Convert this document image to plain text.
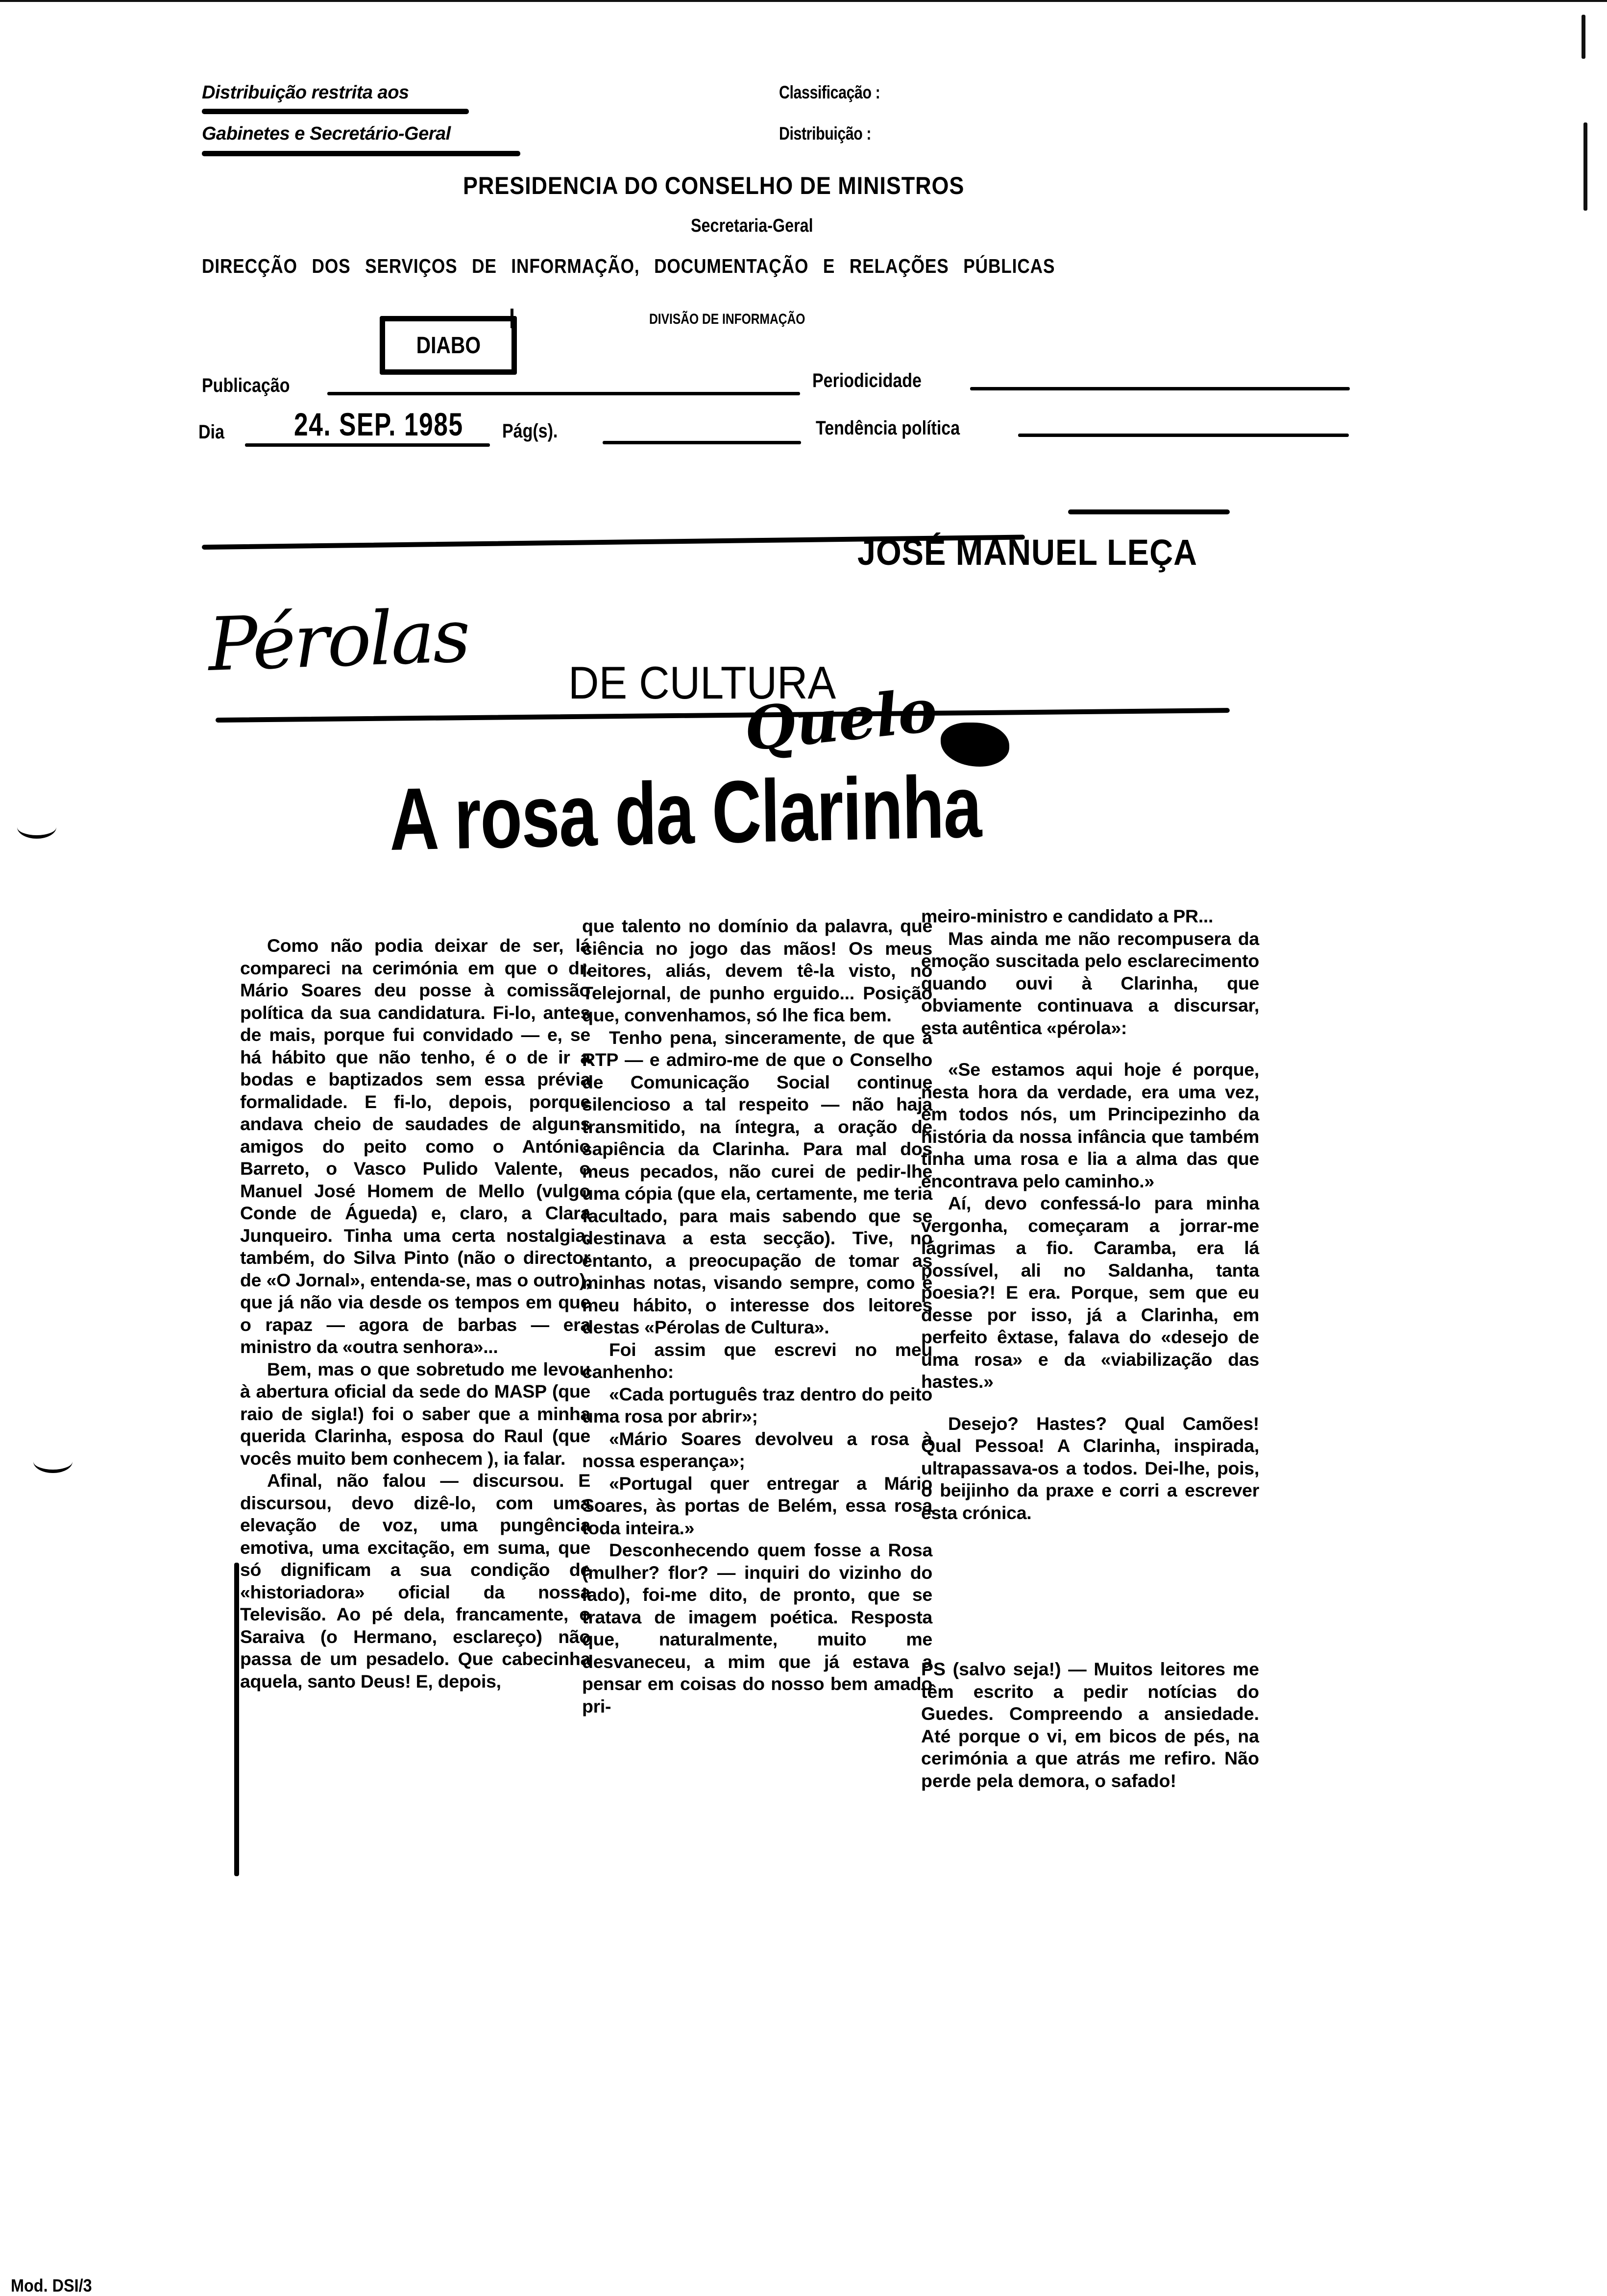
Distribuição restrita aos
Gabinetes e Secretário-Geral
Classificação :
Distribuição :
PRESIDENCIA DO CONSELHO DE MINISTROS
Secretaria-Geral
DIRECÇÃO DOS SERVIÇOS DE INFORMAÇÃO, DOCUMENTAÇÃO E RELAÇÕES PÚBLICAS
DIVISÃO DE INFORMAÇÃO
DIABO
Publicação	Periodicidade
Dia 24. SEP. 1985 Pág(s).	Tendência política
JOSÉ MANUEL LEÇA
Pérolas DE CULTURA
Quelo
A rosa da Clarinha

Como não podia deixar de ser, lá compareci na cerimónia em que o dr. Mário Soares deu posse à comissão política da sua candidatura. Fi-lo, antes de mais, porque fui convidado — e, se há hábito que não tenho, é o de ir a bodas e baptizados sem essa prévia formalidade. E fi-lo, depois, porque andava cheio de saudades de alguns amigos do peito como o António Barreto, o Vasco Pulido Valente, o Manuel José Homem de Mello (vulgo Conde de Águeda) e, claro, a Clara Junqueiro. Tinha uma certa nostalgia, também, do Silva Pinto (não o director de «O Jornal», entenda-se, mas o outro), que já não via desde os tempos em que o rapaz — agora de barbas — era ministro da «outra senhora»...

Bem, mas o que sobretudo me levou à abertura oficial da sede do MASP (que raio de sigla!) foi o saber que a minha querida Clarinha, esposa do Raul (que vocês muito bem conhecem ), ia falar.

Afinal, não falou — discursou. E discursou, devo dizê-lo, com uma elevação de voz, uma pungência emotiva, uma excitação, em suma, que só dignificam a sua condição de «historiadora» oficial da nossa Televisão. Ao pé dela, francamente, o Saraiva (o Hermano, esclareço) não passa de um pesadelo. Que cabecinha aquela, santo Deus! E, depois,

que talento no domínio da palavra, que ciência no jogo das mãos! Os meus leitores, aliás, devem tê-la visto, no Telejornal, de punho erguido... Posição que, convenhamos, só lhe fica bem.

Tenho pena, sinceramente, de que a RTP — e admiro-me de que o Conselho de Comunicação Social continue silencioso a tal respeito — não haja transmitido, na íntegra, a oração de sapiência da Clarinha. Para mal dos meus pecados, não curei de pedir-lhe uma cópia (que ela, certamente, me teria facultado, para mais sabendo que se destinava a esta secção). Tive, no entanto, a preocupação de tomar as minhas notas, visando sempre, como é meu hábito, o interesse dos leitores destas «Pérolas de Cultura».

Foi assim que escrevi no meu canhenho:

«Cada português traz dentro do peito uma rosa por abrir»;

«Mário Soares devolveu a rosa à nossa esperança»;

«Portugal quer entregar a Mário Soares, às portas de Belém, essa rosa toda inteira.»

Desconhecendo quem fosse a Rosa (mulher? flor? — inquiri do vizinho do lado), foi-me dito, de pronto, que se tratava de imagem poética. Resposta que, naturalmente, muito me desvaneceu, a mim que já estava a pensar em coisas do nosso bem amado pri-

meiro-ministro e candidato a PR...

Mas ainda me não recompusera da emoção suscitada pelo esclarecimento quando ouvi à Clarinha, que obviamente continuava a discursar, esta autêntica «pérola»:

«Se estamos aqui hoje é porque, nesta hora da verdade, era uma vez, em todos nós, um Principezinho da história da nossa infância que também tinha uma rosa e lia a alma das que encontrava pelo caminho.»

Aí, devo confessá-lo para minha vergonha, começaram a jorrar-me lágrimas a fio. Caramba, era lá possível, ali no Saldanha, tanta poesia?! E era. Porque, sem que eu desse por isso, já a Clarinha, em perfeito êxtase, falava do «desejo de uma rosa» e da «viabilização das hastes.»

Desejo? Hastes? Qual Camões! Qual Pessoa! A Clarinha, inspirada, ultrapassava-os a todos. Dei-lhe, pois, o beijinho da praxe e corri a escrever esta crónica.

PS (salvo seja!) — Muitos leitores me têm escrito a pedir notícias do Guedes. Compreendo a ansiedade. Até porque o vi, em bicos de pés, na cerimónia a que atrás me refiro. Não perde pela demora, o safado!
Mod. DSI/3
